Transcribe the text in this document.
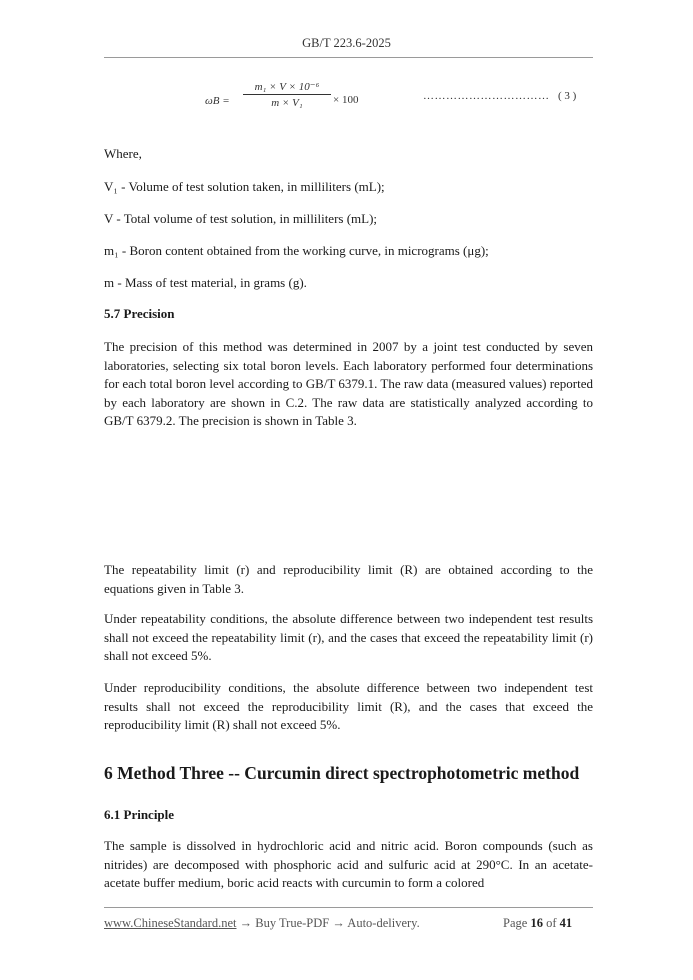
GB/T 223.6-2025
$\omega B = \frac{\text{m₁ × V × 10⁻⁶}}{\text{m × V₁}} \times 100$	…………………………… ( 3 )
Where,
V₁ - Volume of test solution taken, in milliliters (mL);
V - Total volume of test solution, in milliliters (mL);
m₁ - Boron content obtained from the working curve, in micrograms (μg);
m - Mass of test material, in grams (g).
5.7 Precision
The precision of this method was determined in 2007 by a joint test conducted by seven laboratories, selecting six total boron levels. Each laboratory performed four determinations for each total boron level according to GB/T 6379.1. The raw data (measured values) reported by each laboratory are shown in C.2. The raw data are statistically analyzed according to GB/T 6379.2. The precision is shown in Table 3.
The repeatability limit (r) and reproducibility limit (R) are obtained according to the equations given in Table 3.
Under repeatability conditions, the absolute difference between two independent test results shall not exceed the repeatability limit (r), and the cases that exceed the repeatability limit (r) shall not exceed 5%.
Under reproducibility conditions, the absolute difference between two independent test results shall not exceed the reproducibility limit (R), and the cases that exceed the reproducibility limit (R) shall not exceed 5%.
6 Method Three -- Curcumin direct spectrophotometric method
6.1 Principle
The sample is dissolved in hydrochloric acid and nitric acid. Boron compounds (such as nitrides) are decomposed with phosphoric acid and sulfuric acid at 290°C. In an acetate-acetate buffer medium, boric acid reacts with curcumin to form a colored
www.ChineseStandard.net → Buy True-PDF → Auto-delivery.	Page 16 of 41
